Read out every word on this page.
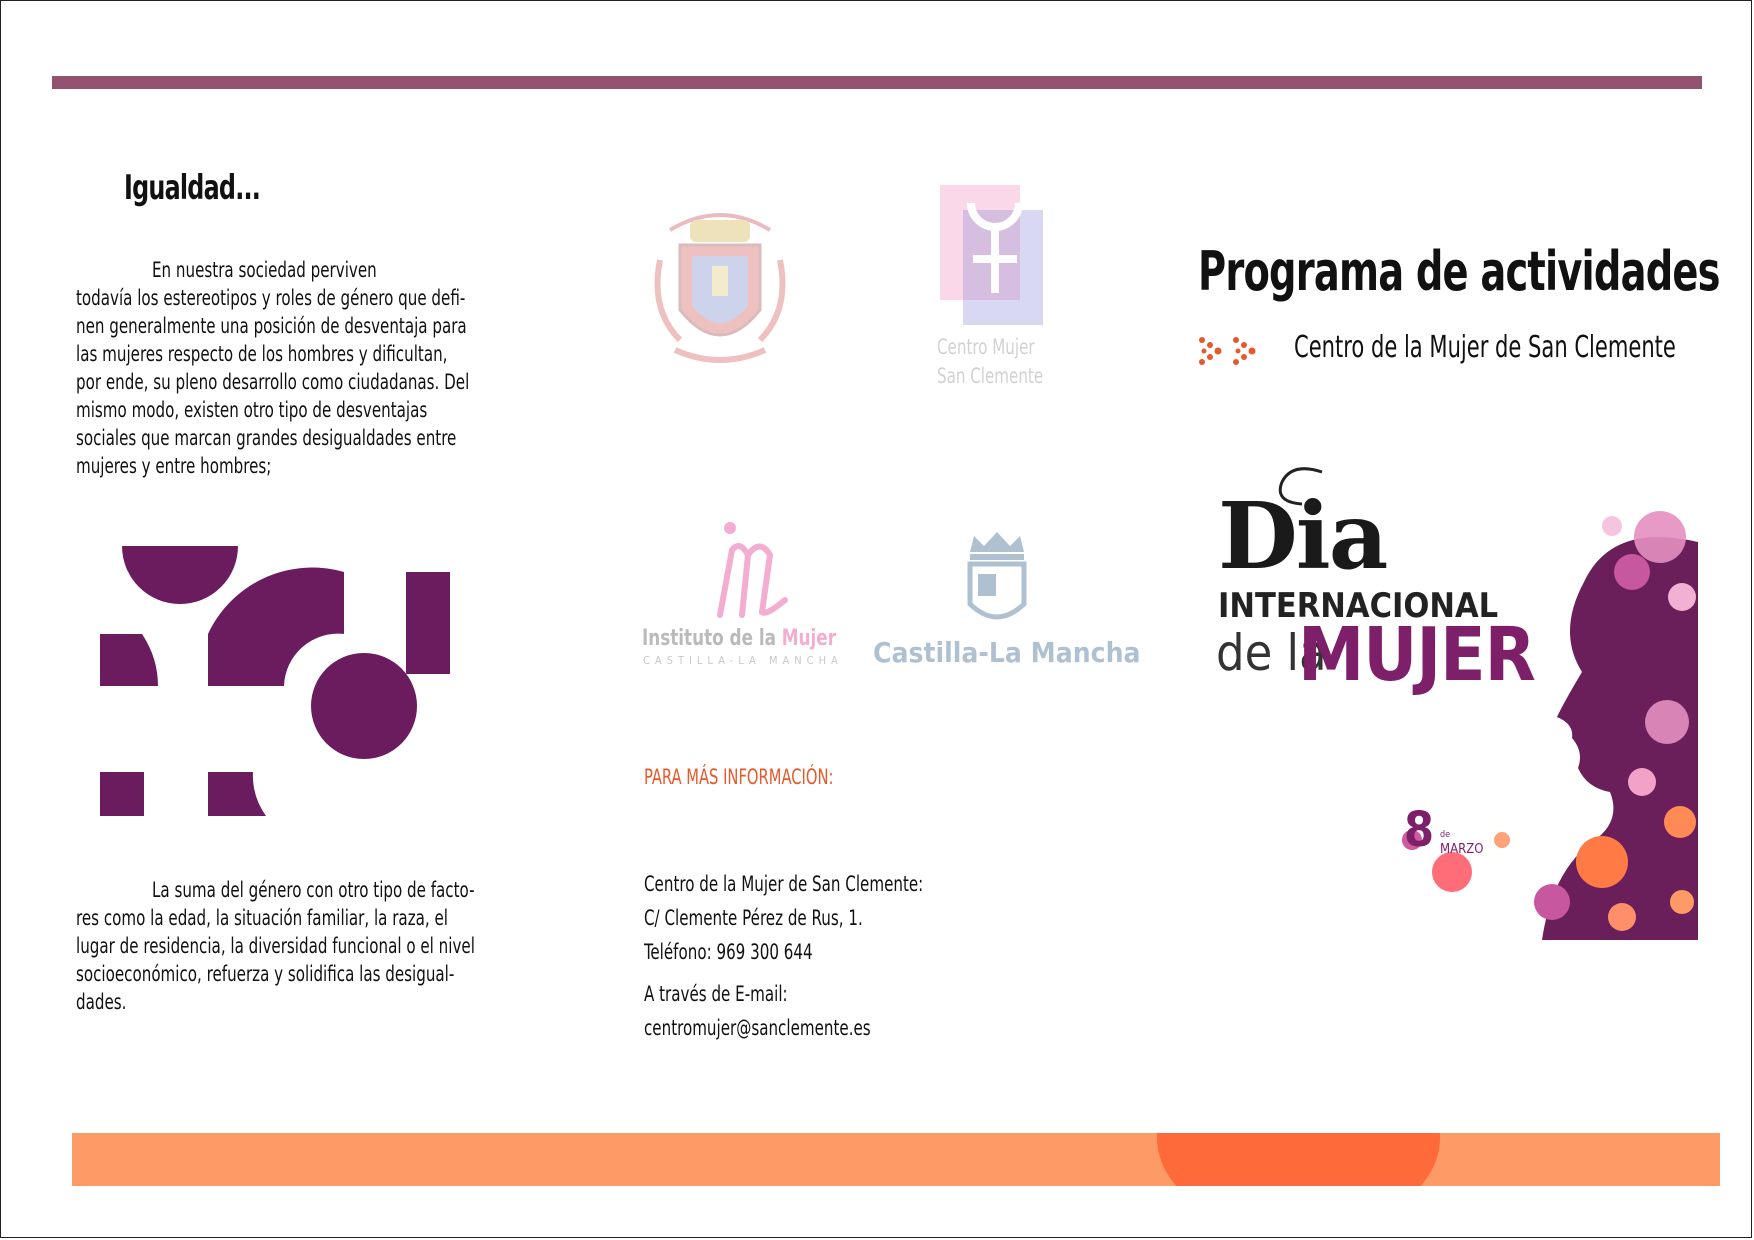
Igualdad...
En nuestra sociedad perviven
todavía los estereotipos y roles de género que defi-
nen generalmente una posición de desventaja para
las mujeres respecto de los hombres y dificultan,
por ende, su pleno desarrollo como ciudadanas. Del
mismo modo, existen otro tipo de desventajas
sociales que marcan grandes desigualdades entre
mujeres y entre hombres;
La suma del género con otro tipo de facto-
res como la edad, la situación familiar, la raza, el
lugar de residencia, la diversidad funcional o el nivel
socioeconómico, refuerza y solidifica las desigual-
dades.
Centro Mujer
San Clemente
Instituto de la Mujer
CASTILLA-LA MANCHA Castilla-La Mancha
PARA MÁS INFORMACIÓN:
Centro de la Mujer de San Clemente:
C/ Clemente Pérez de Rus, 1.
Teléfono: 969 300 644
A través de E-mail:
centromujer@sanclemente.es
Programa de actividades
Centro de la Mujer de San Clemente
Dia
INTERNACIONAL
de la
MUJER
8 de
MARZO
